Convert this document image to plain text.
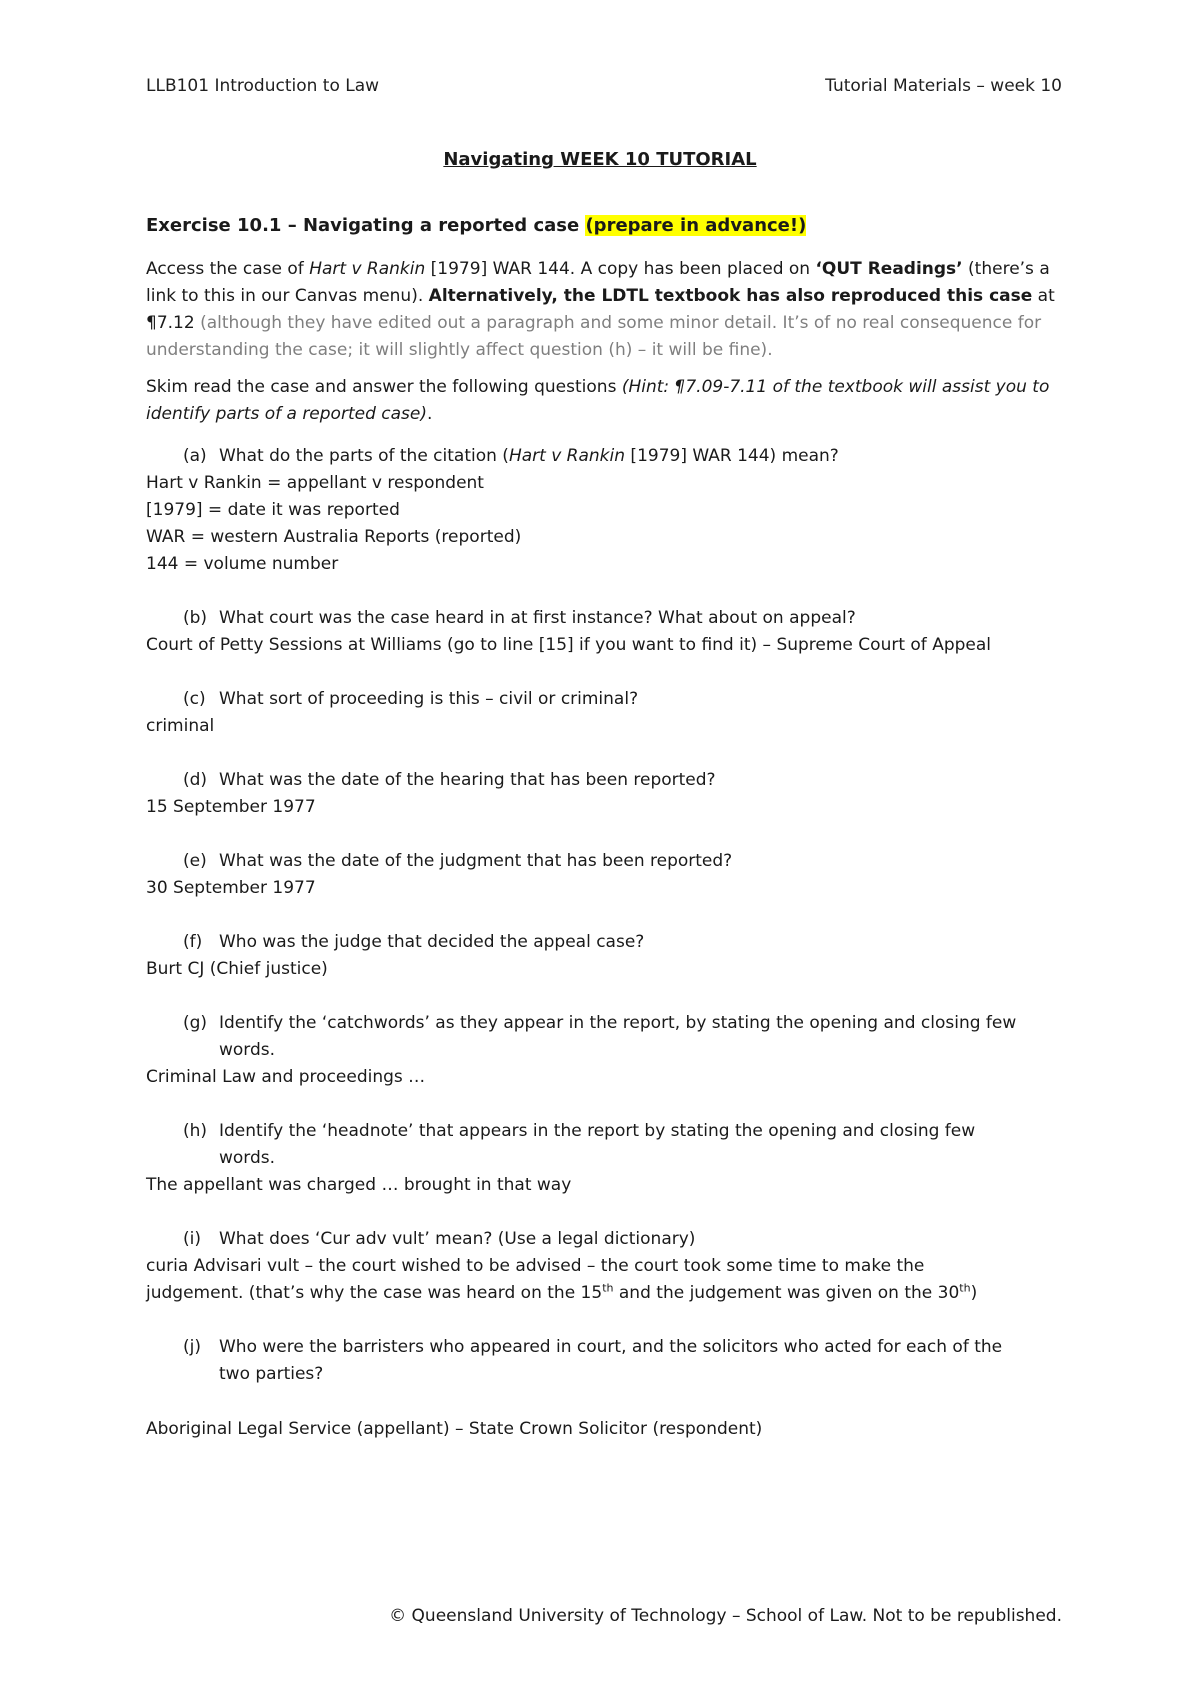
LLB101 Introduction to Law	Tutorial Materials – week 10

Navigating WEEK 10 TUTORIAL

Exercise 10.1 – Navigating a reported case (prepare in advance!)

Access the case of Hart v Rankin [1979] WAR 144. A copy has been placed on ‘QUT Readings’ (there’s a link to this in our Canvas menu). Alternatively, the LDTL textbook has also reproduced this case at ¶7.12 (although they have edited out a paragraph and some minor detail. It’s of no real consequence for understanding the case; it will slightly affect question (h) – it will be fine).

Skim read the case and answer the following questions (Hint: ¶7.09-7.11 of the textbook will assist you to identify parts of a reported case).

(a) What do the parts of the citation (Hart v Rankin [1979] WAR 144) mean?

Hart v Rankin = appellant v respondent

[1979] = date it was reported

WAR = western Australia Reports (reported)

144 = volume number

(b) What court was the case heard in at first instance? What about on appeal?

Court of Petty Sessions at Williams (go to line [15] if you want to find it) – Supreme Court of Appeal

(c) What sort of proceeding is this – civil or criminal?

criminal

(d) What was the date of the hearing that has been reported?

15 September 1977

(e) What was the date of the judgment that has been reported?

30 September 1977

(f) Who was the judge that decided the appeal case?

Burt CJ (Chief justice)

(g) Identify the ‘catchwords’ as they appear in the report, by stating the opening and closing few
words.

Criminal Law and proceedings …

(h) Identify the ‘headnote’ that appears in the report by stating the opening and closing few
words.

The appellant was charged … brought in that way

(i) What does ‘Cur adv vult’ mean? (Use a legal dictionary)

curia Advisari vult – the court wished to be advised – the court took some time to make the

judgement. (that’s why the case was heard on the 15th and the judgement was given on the 30th)

(j) Who were the barristers who appeared in court, and the solicitors who acted for each of the
two parties?

Aboriginal Legal Service (appellant) – State Crown Solicitor (respondent)

© Queensland University of Technology – School of Law. Not to be republished.
